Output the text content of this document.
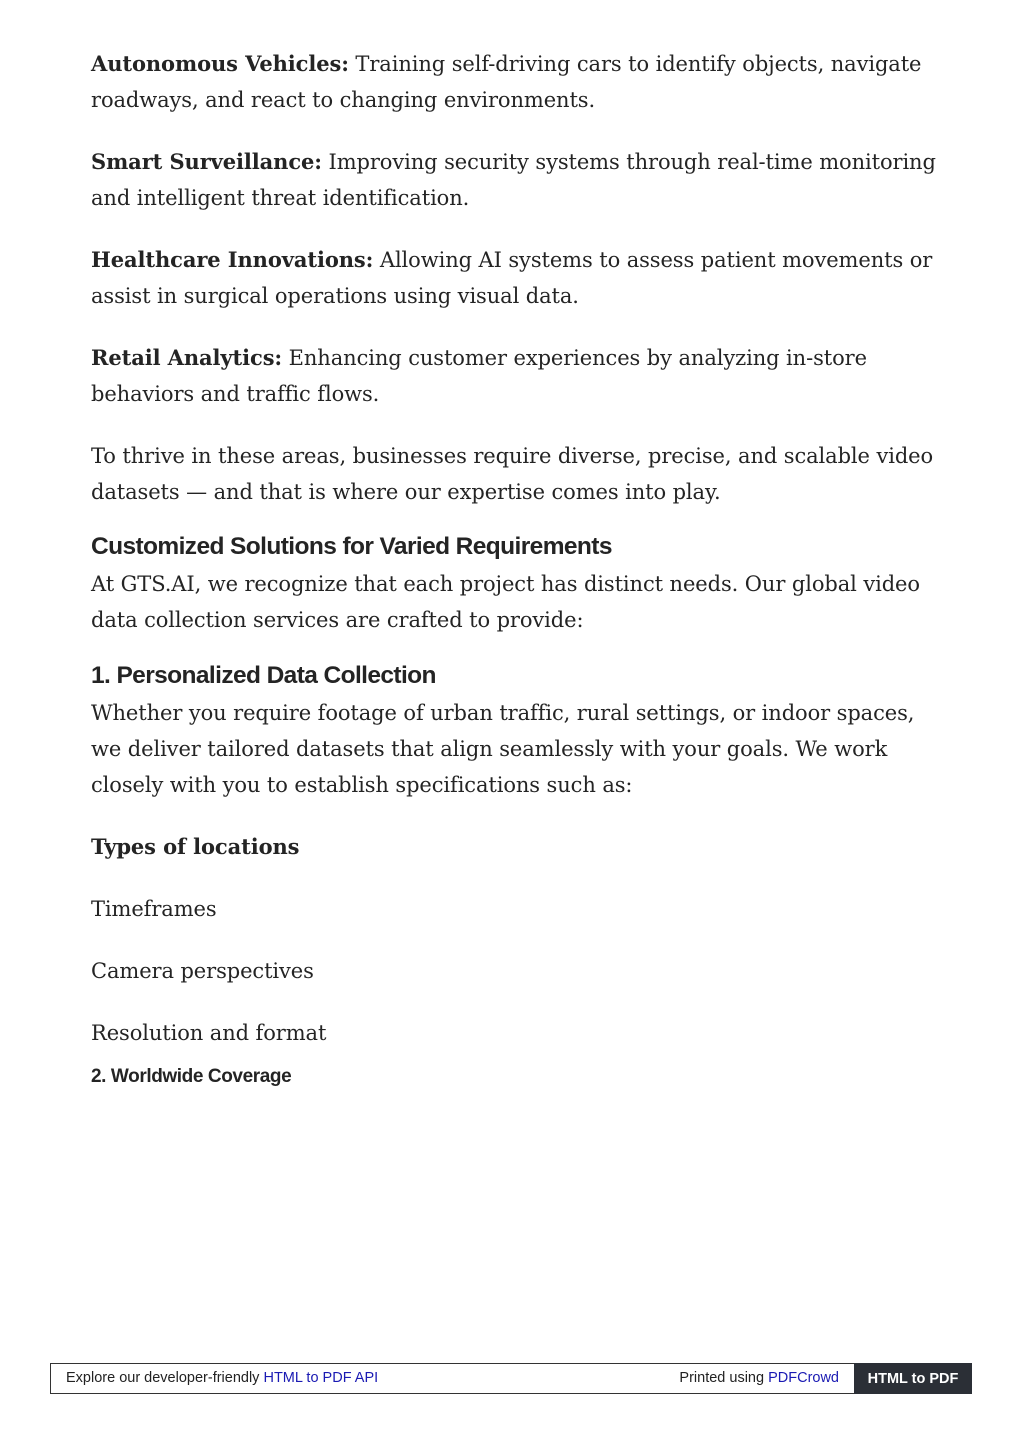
Autonomous Vehicles: Training self-driving cars to identify objects, navigate roadways, and react to changing environments.

Smart Surveillance: Improving security systems through real-time monitoring and intelligent threat identification.

Healthcare Innovations: Allowing AI systems to assess patient movements or assist in surgical operations using visual data.

Retail Analytics: Enhancing customer experiences by analyzing in-store behaviors and traffic flows.

To thrive in these areas, businesses require diverse, precise, and scalable video datasets — and that is where our expertise comes into play.

Customized Solutions for Varied Requirements

At GTS.AI, we recognize that each project has distinct needs. Our global video data collection services are crafted to provide:

1. Personalized Data Collection

Whether you require footage of urban traffic, rural settings, or indoor spaces, we deliver tailored datasets that align seamlessly with your goals. We work closely with you to establish specifications such as:

Types of locations

Timeframes

Camera perspectives

Resolution and format

2. Worldwide Coverage
Explore our developer-friendly HTML to PDF API	Printed using PDFCrowd	HTML to PDF
